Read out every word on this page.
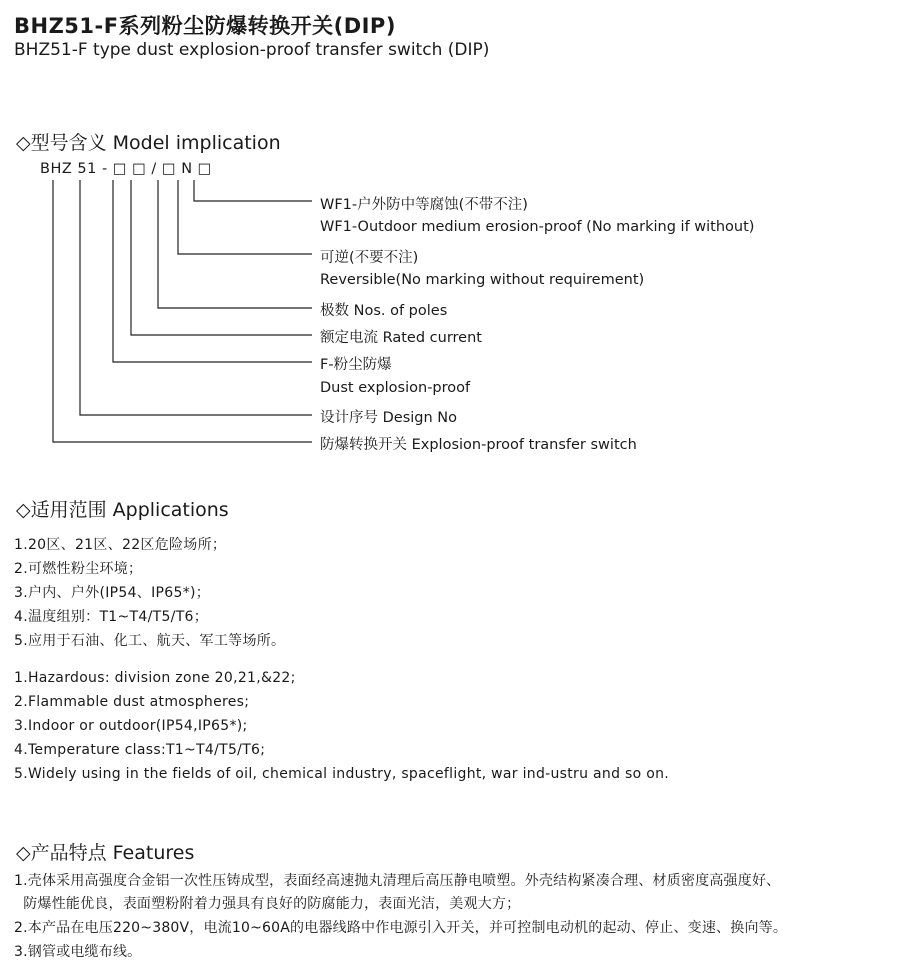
BHZ51-F系列粉尘防爆转换开关(DIP)
BHZ51-F type dust explosion-proof transfer switch (DIP)
◇型号含义 Model implication
BHZ 51 - □ □ / □ N □
WF1-户外防中等腐蚀(不带不注)
WF1-Outdoor medium erosion-proof (No marking if without)
可逆(不要不注)
Reversible(No marking without requirement)
极数 Nos. of poles
额定电流 Rated current
F-粉尘防爆
Dust explosion-proof
设计序号 Design No
防爆转换开关 Explosion-proof transfer switch
◇适用范围 Applications
1.20区、21区、22区危险场所；
2.可燃性粉尘环境；
3.户内、户外(IP54、IP65*)；
4.温度组别：T1~T4/T5/T6；
5.应用于石油、化工、航天、军工等场所。
1.Hazardous: division zone 20,21,&22;
2.Flammable dust atmospheres;
3.Indoor or outdoor(IP54,IP65*);
4.Temperature class:T1~T4/T5/T6;
5.Widely using in the fields of oil, chemical industry, spaceflight, war ind-ustru and so on.
◇产品特点 Features
1.壳体采用高强度合金铝一次性压铸成型，表面经高速抛丸清理后高压静电喷塑。外壳结构紧凑合理、材质密度高强度好、
防爆性能优良，表面塑粉附着力强具有良好的防腐能力，表面光洁，美观大方；
2.本产品在电压220~380V，电流10~60A的电器线路中作电源引入开关，并可控制电动机的起动、停止、变速、换向等。
3.钢管或电缆布线。
